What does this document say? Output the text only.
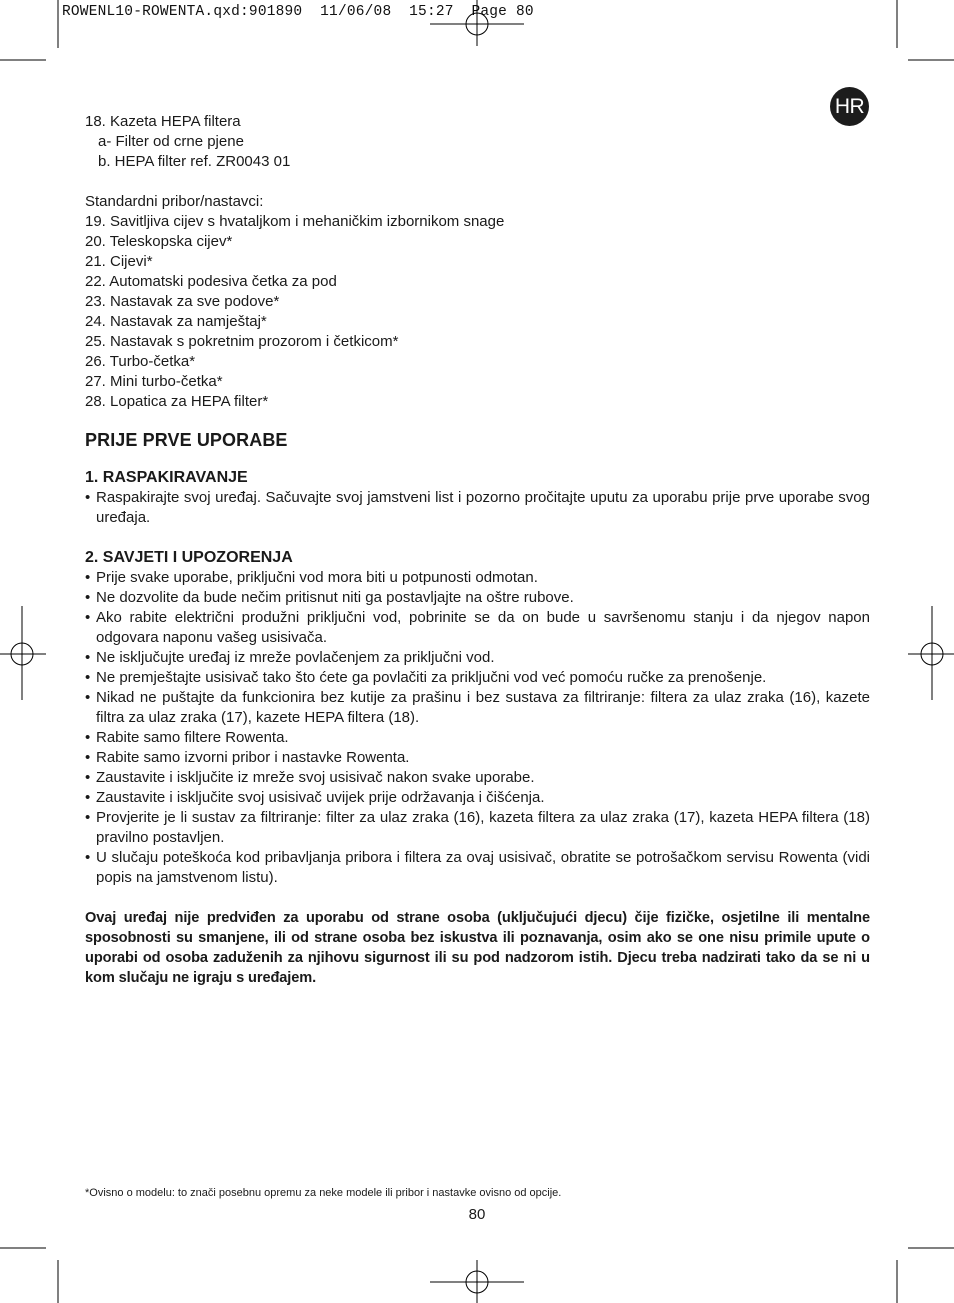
ROWENL10-ROWENTA.qxd:901890  11/06/08  15:27  Page 80
HR

18. Kazeta HEPA filtera

a- Filter od crne pjene

b. HEPA filter ref. ZR0043 01

Standardni pribor/nastavci:

19. Savitljiva cijev s hvataljkom i mehaničkim izbornikom snage

20. Teleskopska cijev*

21. Cijevi*

22. Automatski podesiva četka za pod

23. Nastavak za sve podove*

24. Nastavak za namještaj*

25. Nastavak s pokretnim prozorom i četkicom*

26. Turbo-četka*

27. Mini turbo-četka*

28. Lopatica za HEPA filter*

PRIJE PRVE UPORABE
1. RASPAKIRAVANJE

• Raspakirajte svoj uređaj. Sačuvajte svoj jamstveni list i pozorno pročitajte uputu za uporabu prije prve uporabe svog uređaja.

2. SAVJETI I UPOZORENJA

• Prije svake uporabe, priključni vod mora biti u potpunosti odmotan.

• Ne dozvolite da bude nečim pritisnut niti ga postavljajte na oštre rubove.

• Ako rabite električni produžni priključni vod, pobrinite se da on bude u savršenomu stanju i da njegov napon odgovara naponu vašeg usisivača.

• Ne isključujte uređaj iz mreže povlačenjem za priključni vod.

• Ne premještajte usisivač tako što ćete ga povlačiti za priključni vod već pomoću ručke za prenošenje.

• Nikad ne puštajte da funkcionira bez kutije za prašinu i bez sustava za filtriranje: filtera za ulaz zraka (16), kazete filtra za ulaz zraka (17), kazete HEPA filtera (18).

• Rabite samo filtere Rowenta.

• Rabite samo izvorni pribor i nastavke Rowenta.

• Zaustavite i isključite iz mreže svoj usisivač nakon svake uporabe.

• Zaustavite i isključite svoj usisivač uvijek prije održavanja i čišćenja.

• Provjerite je li sustav za filtriranje: filter za ulaz zraka (16), kazeta filtera za ulaz zraka (17), kazeta HEPA filtera (18) pravilno postavljen.

• U slučaju poteškoća kod pribavljanja pribora i filtera za ovaj usisivač, obratite se potrošačkom servisu Rowenta (vidi popis na jamstvenom listu).

Ovaj uređaj nije predviđen za uporabu od strane osoba (uključujući djecu) čije fizičke, osjetilne ili mentalne sposobnosti su smanjene, ili od strane osoba bez iskustva ili poznavanja, osim ako se one nisu primile upute o uporabi od osoba zaduženih za njihovu sigurnost ili su pod nadzorom istih. Djecu treba nadzirati tako da se ni u kom slučaju ne igraju s uređajem.

*Ovisno o modelu: to znači posebnu opremu za neke modele ili pribor i nastavke ovisno od opcije.
80
